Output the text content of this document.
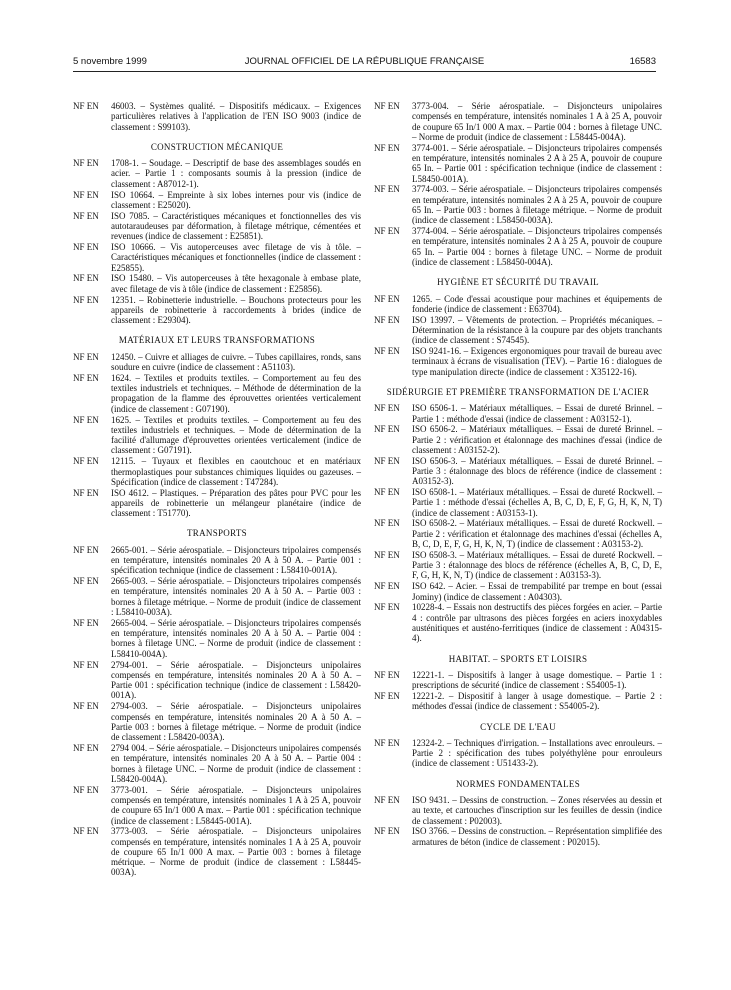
5 novembre 1999	JOURNAL OFFICIEL DE LA RÉPUBLIQUE FRANÇAISE	16583
NF EN 46003. – Systèmes qualité. – Dispositifs médicaux. – Exigences particulières relatives à l'application de l'EN ISO 9003 (indice de classement : S99103).
CONSTRUCTION MÉCANIQUE
NF EN 1708-1. – Soudage. – Descriptif de base des assemblages soudés en acier. – Partie 1 : composants soumis à la pression (indice de classement : A87012-1).
NF EN ISO 10664. – Empreinte à six lobes internes pour vis (indice de classement : E25020).
NF EN ISO 7085. – Caractéristiques mécaniques et fonctionnelles des vis autotaraudeuses par déformation, à filetage métrique, cémentées et revenues (indice de classement : E25851).
NF EN ISO 10666. – Vis autoperceuses avec filetage de vis à tôle. – Caractéristiques mécaniques et fonctionnelles (indice de classement : E25855).
NF EN ISO 15480. – Vis autoperceuses à tête hexagonale à embase plate, avec filetage de vis à tôle (indice de classement : E25856).
NF EN 12351. – Robinetterie industrielle. – Bouchons protecteurs pour les appareils de robinetterie à raccordements à brides (indice de classement : E29304).
MATÉRIAUX ET LEURS TRANSFORMATIONS
NF EN 12450. – Cuivre et alliages de cuivre. – Tubes capillaires, ronds, sans soudure en cuivre (indice de classement : A51103).
NF EN 1624. – Textiles et produits textiles. – Comportement au feu des textiles industriels et techniques. – Méthode de détermination de la propagation de la flamme des éprouvettes orientées verticalement (indice de classement : G07190).
NF EN 1625. – Textiles et produits textiles. – Comportement au feu des textiles industriels et techniques. – Mode de détermination de la facilité d'allumage d'éprouvettes orientées verticalement (indice de classement : G07191).
NF EN 12115. – Tuyaux et flexibles en caoutchouc et en matériaux thermoplastiques pour substances chimiques liquides ou gazeuses. – Spécification (indice de classement : T47284).
NF EN ISO 4612. – Plastiques. – Préparation des pâtes pour PVC pour les appareils de robinetterie un mélangeur planétaire (indice de classement : T51770).
TRANSPORTS
NF EN 2665-001. – Série aérospatiale. – Disjoncteurs tripolaires compensés en température, intensités nominales 20 A à 50 A. – Partie 001 : spécification technique (indice de classement : L58410-001A).
NF EN 2665-003. – Série aérospatiale. – Disjoncteurs tripolaires compensés en température, intensités nominales 20 A à 50 A. – Partie 003 : bornes à filetage métrique. – Norme de produit (indice de classement : L58410-003A).
NF EN 2665-004. – Série aérospatiale. – Disjoncteurs tripolaires compensés en température, intensités nominales 20 A à 50 A. – Partie 004 : bornes à filetage UNC. – Norme de produit (indice de classement : L58410-004A).
NF EN 2794-001. – Série aérospatiale. – Disjoncteurs unipolaires compensés en température, intensités nominales 20 A à 50 A. – Partie 001 : spécification technique (indice de classement : L58420-001A).
NF EN 2794-003. – Série aérospatiale. – Disjoncteurs unipolaires compensés en température, intensités nominales 20 A à 50 A. – Partie 003 : bornes à filetage métrique. – Norme de produit (indice de classement : L58420-003A).
NF EN 2794 004. – Série aérospatiale. – Disjoncteurs unipolaires compensés en température, intensités nominales 20 A à 50 A. – Partie 004 : bornes à filetage UNC. – Norme de produit (indice de classement : L58420-004A).
NF EN 3773-001. – Série aérospatiale. – Disjoncteurs unipolaires compensés en température, intensités nominales 1 A à 25 A, pouvoir de coupure 65 In/1 000 A max. – Partie 001 : spécification technique (indice de classement : L58445-001A).
NF EN 3773-003. – Série aérospatiale. – Disjoncteurs unipolaires compensés en température, intensités nominales 1 A à 25 A, pouvoir de coupure 65 In/1 000 A max. – Partie 003 : bornes à filetage métrique. – Norme de produit (indice de classement : L58445-003A).
NF EN 3773-004. – Série aérospatiale. – Disjoncteurs unipolaires compensés en température, intensités nominales 1 A à 25 A, pouvoir de coupure 65 In/1 000 A max. – Partie 004 : bornes à filetage UNC. – Norme de produit (indice de classement : L58445-004A).
NF EN 3774-001. – Série aérospatiale. – Disjoncteurs tripolaires compensés en température, intensités nominales 2 A à 25 A, pouvoir de coupure 65 In. – Partie 001 : spécification technique (indice de classement : L58450-001A).
NF EN 3774-003. – Série aérospatiale. – Disjoncteurs tripolaires compensés en température, intensités nominales 2 A à 25 A, pouvoir de coupure 65 In. – Partie 003 : bornes à filetage métrique. – Norme de produit (indice de classement : L58450-003A).
NF EN 3774-004. – Série aérospatiale. – Disjoncteurs tripolaires compensés en température, intensités nominales 2 A à 25 A, pouvoir de coupure 65 In. – Partie 004 : bornes à filetage UNC. – Norme de produit (indice de classement : L58450-004A).
HYGIÈNE ET SÉCURITÉ DU TRAVAIL
NF EN 1265. – Code d'essai acoustique pour machines et équipements de fonderie (indice de classement : E63704).
NF EN ISO 13997. – Vêtements de protection. – Propriétés mécaniques. – Détermination de la résistance à la coupure par des objets tranchants (indice de classement : S74545).
NF EN ISO 9241-16. – Exigences ergonomiques pour travail de bureau avec terminaux à écrans de visualisation (TEV). – Partie 16 : dialogues de type manipulation directe (indice de classement : X35122-16).
SIDÉRURGIE ET PREMIÈRE TRANSFORMATION DE L'ACIER
NF EN ISO 6506-1. – Matériaux métalliques. – Essai de dureté Brinnel. – Partie 1 : méthode d'essai (indice de classement : A03152-1).
NF EN ISO 6506-2. – Matériaux métalliques. – Essai de dureté Brinnel. – Partie 2 : vérification et étalonnage des machines d'essai (indice de classement : A03152-2).
NF EN ISO 6506-3. – Matériaux métalliques. – Essai de dureté Brinnel. – Partie 3 : étalonnage des blocs de référence (indice de classement : A03152-3).
NF EN ISO 6508-1. – Matériaux métalliques. – Essai de dureté Rockwell. – Partie 1 : méthode d'essai (échelles A, B, C, D, E, F, G, H, K, N, T) (indice de classement : A03153-1).
NF EN ISO 6508-2. – Matériaux métalliques. – Essai de dureté Rockwell. – Partie 2 : vérification et étalonnage des machines d'essai (échelles A, B, C, D, E, F, G, H, K, N, T) (indice de classement : A03153-2).
NF EN ISO 6508-3. – Matériaux métalliques. – Essai de dureté Rockwell. – Partie 3 : étalonnage des blocs de référence (échelles A, B, C, D, E, F, G, H, K, N, T) (indice de classement : A03153-3).
NF EN ISO 642. – Acier. – Essai de trempabilité par trempe en bout (essai Jominy) (indice de classement : A04303).
NF EN 10228-4. – Essais non destructifs des pièces forgées en acier. – Partie 4 : contrôle par ultrasons des pièces forgées en aciers inoxydables austénitiques et austéno-ferritiques (indice de classement : A04315-4).
HABITAT. – SPORTS ET LOISIRS
NF EN 12221-1. – Dispositifs à langer à usage domestique. – Partie 1 : prescriptions de sécurité (indice de classement : S54005-1).
NF EN 12221-2. – Dispositif à langer à usage domestique. – Partie 2 : méthodes d'essai (indice de classement : S54005-2).
CYCLE DE L'EAU
NF EN 12324-2. – Techniques d'irrigation. – Installations avec enrouleurs. – Partie 2 : spécification des tubes polyéthylène pour enrouleurs (indice de classement : U51433-2).
NORMES FONDAMENTALES
NF EN ISO 9431. – Dessins de construction. – Zones réservées au dessin et au texte, et cartouches d'inscription sur les feuilles de dessin (indice de classement : P02003).
NF EN ISO 3766. – Dessins de construction. – Représentation simplifiée des armatures de béton (indice de classement : P02015).
